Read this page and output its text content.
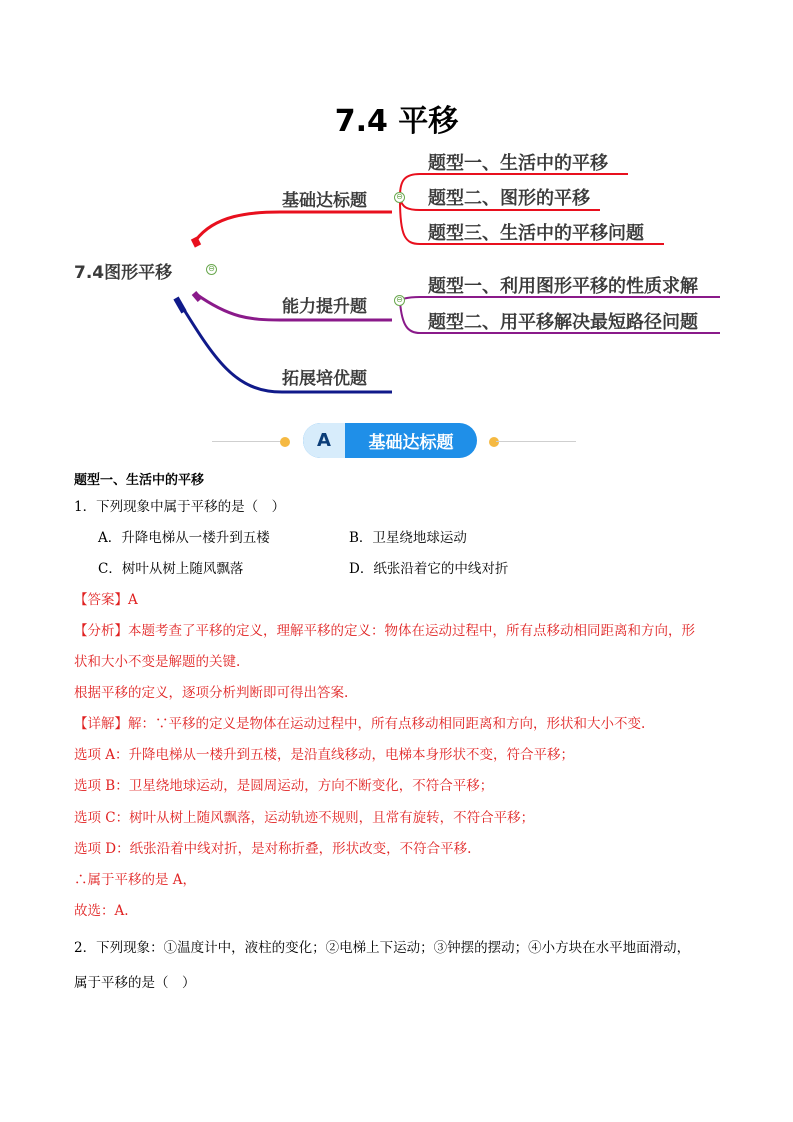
7.4 平移
7.4图形平移	⊖
基础达标题	⊖
题型一、生活中的平移
题型二、图形的平移
题型三、生活中的平移问题
能力提升题	⊖
题型一、利用图形平移的性质求解
题型二、用平移解决最短路径问题
拓展培优题
A	基础达标题
题型一、生活中的平移
1．下列现象中属于平移的是（　）
A．升降电梯从一楼升到五楼	B．卫星绕地球运动
C．树叶从树上随风飘落	D．纸张沿着它的中线对折
【答案】A
【分析】本题考查了平移的定义，理解平移的定义：物体在运动过程中，所有点移动相同距离和方向，形
状和大小不变是解题的关键.
根据平移的定义，逐项分析判断即可得出答案.
【详解】解：∵平移的定义是物体在运动过程中，所有点移动相同距离和方向，形状和大小不变.
选项 A：升降电梯从一楼升到五楼，是沿直线移动，电梯本身形状不变，符合平移；
选项 B：卫星绕地球运动，是圆周运动，方向不断变化，不符合平移；
选项 C：树叶从树上随风飘落，运动轨迹不规则，且常有旋转，不符合平移；
选项 D：纸张沿着中线对折，是对称折叠，形状改变，不符合平移.
∴属于平移的是 A，
故选：A.
2．下列现象：①温度计中，液柱的变化；②电梯上下运动；③钟摆的摆动；④小方块在水平地面滑动，
属于平移的是（　）
